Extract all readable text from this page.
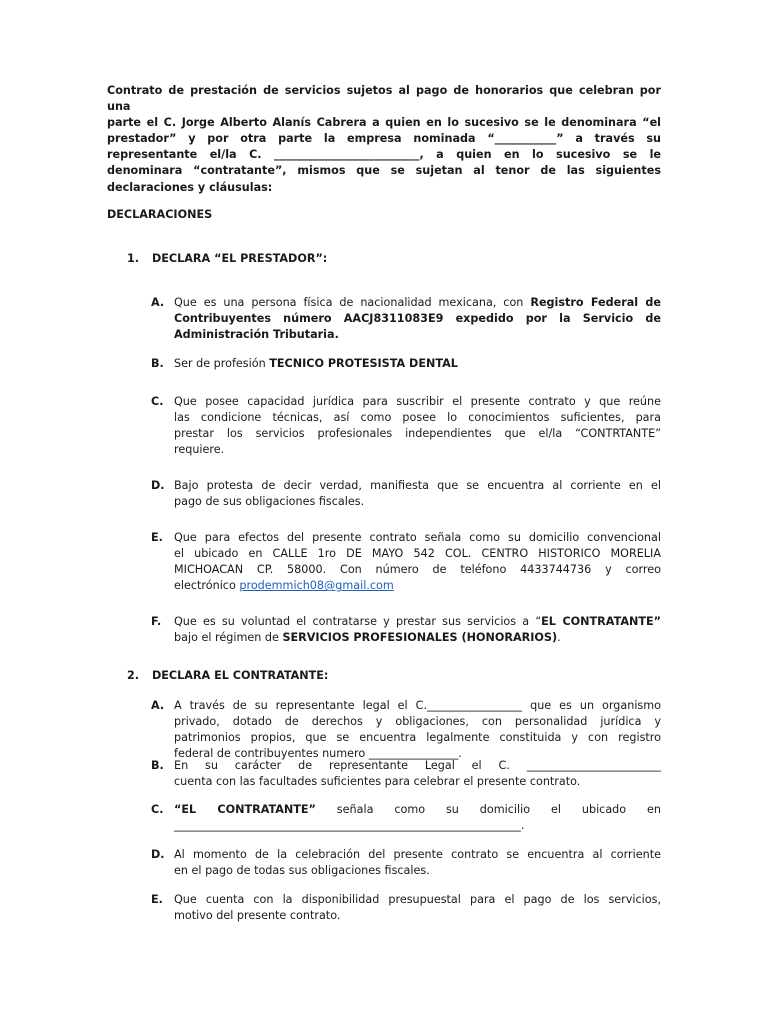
Contrato de prestación de servicios sujetos al pago de honorarios que celebran por una
parte el C. Jorge Alberto Alanís Cabrera a quien en lo sucesivo se le denominara “el
prestador” y por otra parte la empresa nominada “___________” a través su
representante el/la C. __________________________, a quien en lo sucesivo se le
denominara “contratante”, mismos que se sujetan al tenor de las siguientes
declaraciones y cláusulas:
DECLARACIONES
1. DECLARA “EL PRESTADOR”:
A. Que es una persona física de nacionalidad mexicana, con Registro Federal de
Contribuyentes número AACJ8311083E9 expedido por la Servicio de
Administración Tributaria.
B. Ser de profesión TECNICO PROTESISTA DENTAL
C. Que posee capacidad jurídica para suscribir el presente contrato y que reúne
las condicione técnicas, así como posee lo conocimientos suficientes, para
prestar los servicios profesionales independientes que el/la “CONTRTANTE”
requiere.
D. Bajo protesta de decir verdad, manifiesta que se encuentra al corriente en el
pago de sus obligaciones fiscales.
E. Que para efectos del presente contrato señala como su domicilio convencional
el ubicado en CALLE 1ro DE MAYO 542 COL. CENTRO HISTORICO MORELIA
MICHOACAN CP. 58000. Con número de teléfono 4433744736 y correo
electrónico prodemmich08@gmail.com
F. Que es su voluntad el contratarse y prestar sus servicios a “EL CONTRATANTE”
bajo el régimen de SERVICIOS PROFESIONALES (HONORARIOS).
2. DECLARA EL CONTRATANTE:
A. A través de su representante legal el C._________________ que es un organismo
privado, dotado de derechos y obligaciones, con personalidad jurídica y
patrimonios propios, que se encuentra legalmente constituida y con registro
federal de contribuyentes numero ________________.
B. En su carácter de representante Legal el C. ________________________
cuenta con las facultades suficientes para celebrar el presente contrato.
C. “EL CONTRATANTE” señala como su domicilio el ubicado en
______________________________________________________________.
D. Al momento de la celebración del presente contrato se encuentra al corriente
en el pago de todas sus obligaciones fiscales.
E. Que cuenta con la disponibilidad presupuestal para el pago de los servicios,
motivo del presente contrato.
